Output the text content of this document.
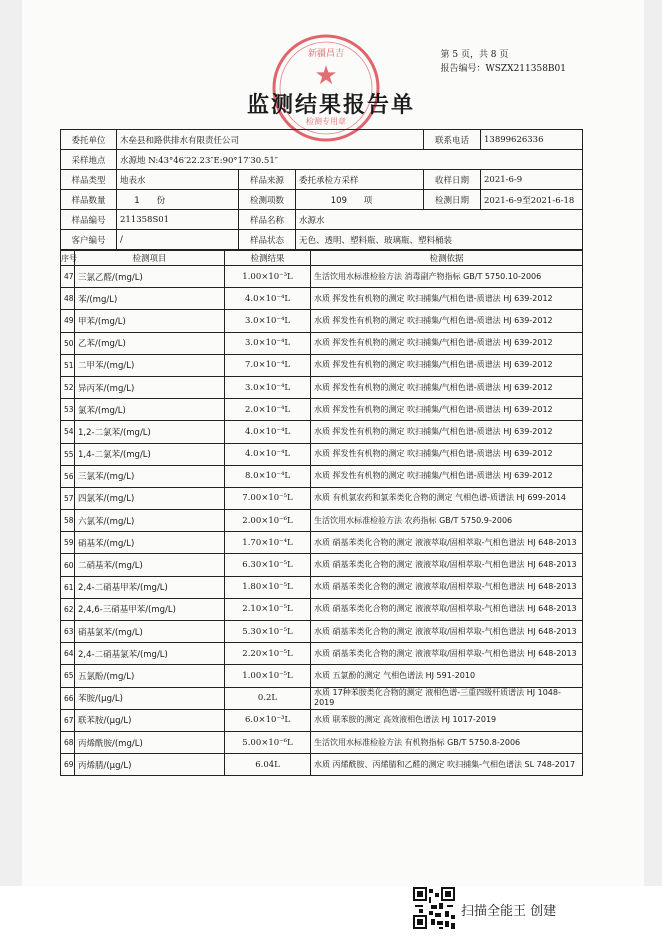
第 5 页，共 8 页
报告编号：WSZX211358B01
★
新疆昌吉
检测专用章
监测结果报告单
委托单位	木垒县和路供排水有限责任公司			联系电话	13899626336
采样地点	水源地 N:43°46′22.23″E:90°17′30.51″				
样品类型	地表水	样品来源	委托承检方采样	收样日期	2021-6-9
样品数量	1 份	检测项数	109 项	检测日期	2021-6-9至2021-6-18
样品编号	211358S01	样品名称	水源水		
客户编号	/	样品状态	无色、透明、塑料瓶、玻璃瓶、塑料桶装		
序号	检测项目	检测结果	检测依据
47	三氯乙醛/(mg/L)	1.00×10⁻³L	生活饮用水标准检验方法 消毒副产物指标 GB/T 5750.10-2006
48	苯/(mg/L)	4.0×10⁻⁴L	水质 挥发性有机物的测定 吹扫捕集/气相色谱-质谱法 HJ 639-2012
49	甲苯/(mg/L)	3.0×10⁻⁴L	水质 挥发性有机物的测定 吹扫捕集/气相色谱-质谱法 HJ 639-2012
50	乙苯/(mg/L)	3.0×10⁻⁴L	水质 挥发性有机物的测定 吹扫捕集/气相色谱-质谱法 HJ 639-2012
51	二甲苯/(mg/L)	7.0×10⁻⁴L	水质 挥发性有机物的测定 吹扫捕集/气相色谱-质谱法 HJ 639-2012
52	异丙苯/(mg/L)	3.0×10⁻⁴L	水质 挥发性有机物的测定 吹扫捕集/气相色谱-质谱法 HJ 639-2012
53	氯苯/(mg/L)	2.0×10⁻⁴L	水质 挥发性有机物的测定 吹扫捕集/气相色谱-质谱法 HJ 639-2012
54	1,2-二氯苯/(mg/L)	4.0×10⁻⁴L	水质 挥发性有机物的测定 吹扫捕集/气相色谱-质谱法 HJ 639-2012
55	1,4-二氯苯/(mg/L)	4.0×10⁻⁴L	水质 挥发性有机物的测定 吹扫捕集/气相色谱-质谱法 HJ 639-2012
56	三氯苯/(mg/L)	8.0×10⁻⁴L	水质 挥发性有机物的测定 吹扫捕集/气相色谱-质谱法 HJ 639-2012
57	四氯苯/(mg/L)	7.00×10⁻⁵L	水质 有机氯农药和氯苯类化合物的测定 气相色谱-质谱法 HJ 699-2014
58	六氯苯/(mg/L)	2.00×10⁻⁶L	生活饮用水标准检验方法 农药指标 GB/T 5750.9-2006
59	硝基苯/(mg/L)	1.70×10⁻⁴L	水质 硝基苯类化合物的测定 液液萃取/固相萃取-气相色谱法 HJ 648-2013
60	二硝基苯/(mg/L)	6.30×10⁻⁵L	水质 硝基苯类化合物的测定 液液萃取/固相萃取-气相色谱法 HJ 648-2013
61	2,4-二硝基甲苯/(mg/L)	1.80×10⁻⁵L	水质 硝基苯类化合物的测定 液液萃取/固相萃取-气相色谱法 HJ 648-2013
62	2,4,6-三硝基甲苯/(mg/L)	2.10×10⁻⁵L	水质 硝基苯类化合物的测定 液液萃取/固相萃取-气相色谱法 HJ 648-2013
63	硝基氯苯/(mg/L)	5.30×10⁻⁵L	水质 硝基苯类化合物的测定 液液萃取/固相萃取-气相色谱法 HJ 648-2013
64	2,4-二硝基氯苯/(mg/L)	2.20×10⁻⁵L	水质 硝基苯类化合物的测定 液液萃取/固相萃取-气相色谱法 HJ 648-2013
65	五氯酚/(mg/L)	1.00×10⁻⁵L	水质 五氯酚的测定 气相色谱法 HJ 591-2010
66	苯胺/(μg/L)	0.2L	水质 17种苯胺类化合物的测定 液相色谱-三重四级杆质谱法 HJ 1048-2019
67	联苯胺/(μg/L)	6.0×10⁻³L	水质 联苯胺的测定 高效液相色谱法 HJ 1017-2019
68	丙烯酰胺/(mg/L)	5.00×10⁻⁶L	生活饮用水标准检验方法 有机物指标 GB/T 5750.8-2006
69	丙烯腈/(μg/L)	6.04L	水质 丙烯酰胺、丙烯腈和乙醛的测定 吹扫捕集-气相色谱法 SL 748-2017
扫描全能王 创建
